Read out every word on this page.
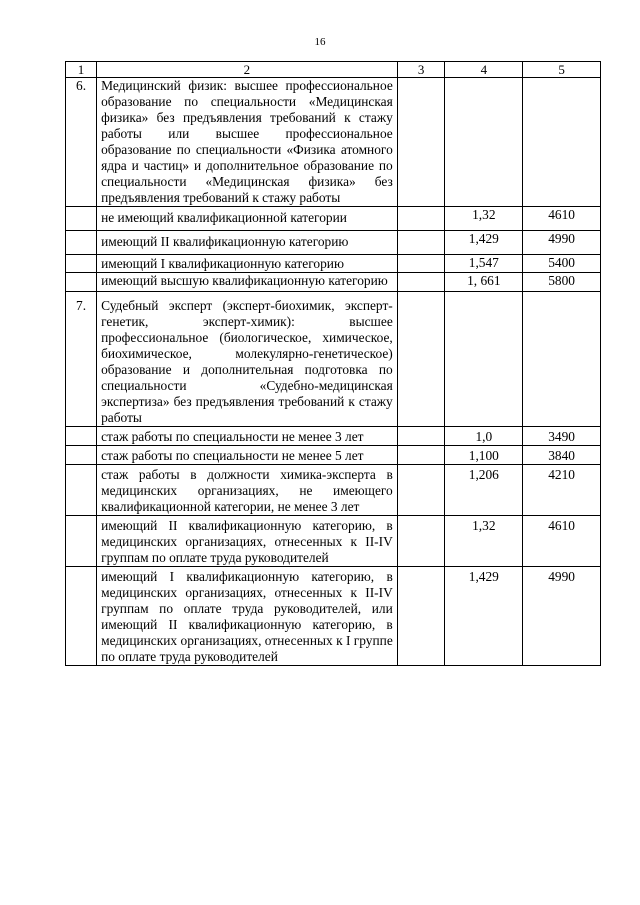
16
1	2	3	4	5
6.	Медицинский физик: высшее профессиональное образование по специальности «Медицинская физика» без предъявления требований к стажу работы или высшее профессиональное образование по специальности «Физика атомного ядра и частиц» и дополнительное образование по специальности «Медицинская физика» без предъявления требований к стажу работы			
	не имеющий квалификационной категории		1,32	4610
	имеющий II квалификационную категорию		1,429	4990
	имеющий I квалификационную категорию		1,547	5400
	имеющий высшую квалификационную категорию		1, 661	5800
7.	Судебный эксперт (эксперт-биохимик, эксперт-генетик, эксперт-химик): высшее профессиональное (биологическое, химическое, биохимическое, молекулярно-генетическое) образование и дополнительная подготовка по специальности «Судебно-медицинская экспертиза» без предъявления требований к стажу работы			
	стаж работы по специальности не менее 3 лет		1,0	3490
	стаж работы по специальности не менее 5 лет		1,100	3840
	стаж работы в должности химика-эксперта в медицинских организациях, не имеющего квалификационной категории, не менее 3 лет		1,206	4210
	имеющий II квалификационную категорию, в медицинских организациях, отнесенных к II-IV группам по оплате труда руководителей		1,32	4610
	имеющий I квалификационную категорию, в медицинских организациях, отнесенных к II-IV группам по оплате труда руководителей, или имеющий II квалификационную категорию, в медицинских организациях, отнесенных к I группе по оплате труда руководителей		1,429	4990
